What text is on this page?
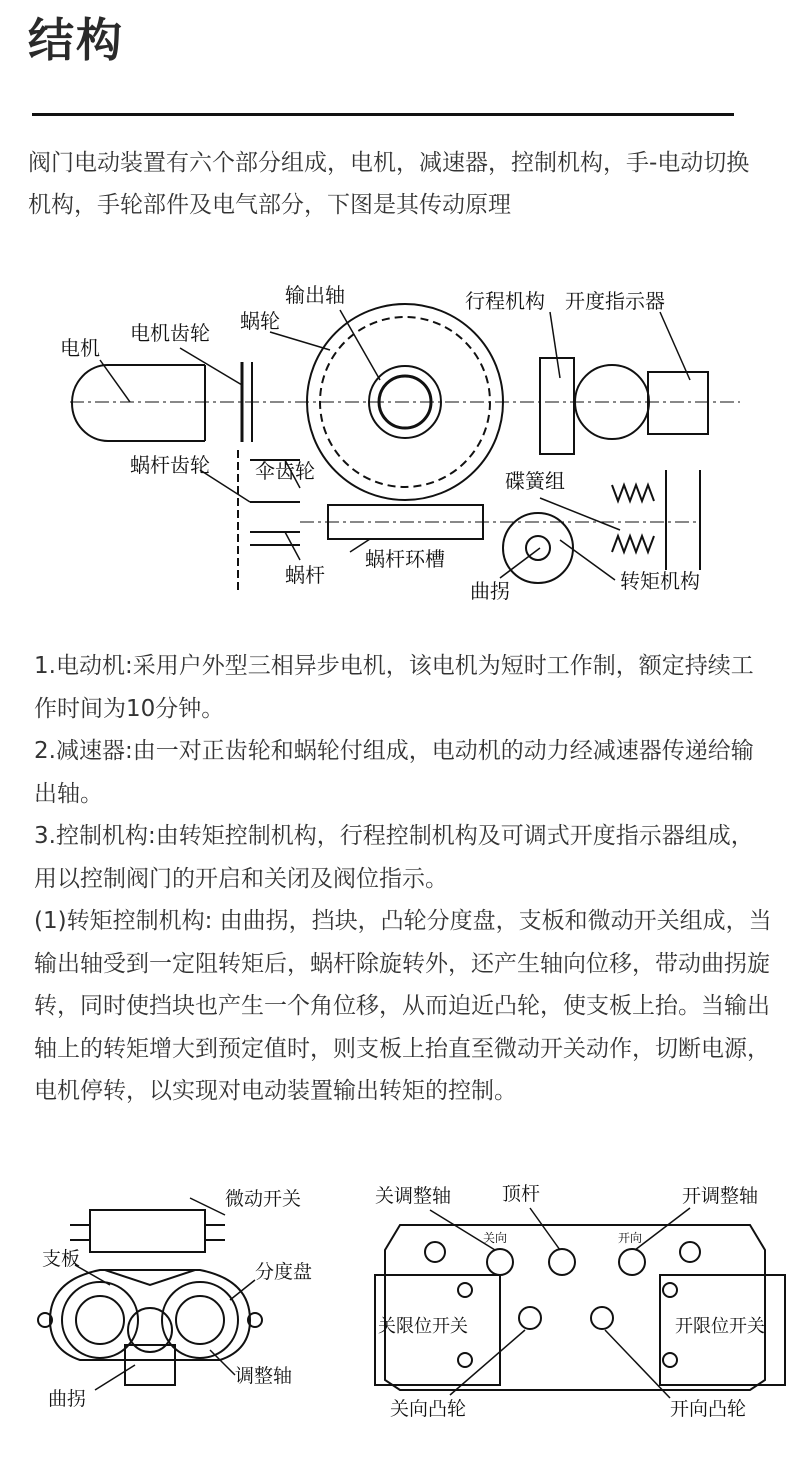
结构
阀门电动装置有六个部分组成，电机，减速器，控制机构，手-电动切换机构，手轮部件及电气部分，下图是其传动原理
电机
电机齿轮 蜗轮
输出轴	行程机构 开度指示器
蜗杆齿轮 伞齿轮	碟簧组
蜗杆
蜗杆环槽
曲拐	转矩机构

1.电动机:采用户外型三相异步电机，该电机为短时工作制，额定持续工作时间为10分钟。

2.减速器:由一对正齿轮和蜗轮付组成，电动机的动力经减速器传递给输出轴。

3.控制机构:由转矩控制机构，行程控制机构及可调式开度指示器组成，用以控制阀门的开启和关闭及阀位指示。

(1)转矩控制机构: 由曲拐，挡块，凸轮分度盘，支板和微动开关组成，当输出轴受到一定阻转矩后，蜗杆除旋转外，还产生轴向位移，带动曲拐旋转，同时使挡块也产生一个角位移，从而迫近凸轮，使支板上抬。当输出轴上的转矩增大到预定值时，则支板上抬直至微动开关动作，切断电源，电机停转，以实现对电动装置输出转矩的控制。

微动开关
支板
分度盘
调整轴
曲拐
关调整轴	顶杆	开调整轴
关向	开向
关限位开关	开限位开关
关向凸轮	开向凸轮
